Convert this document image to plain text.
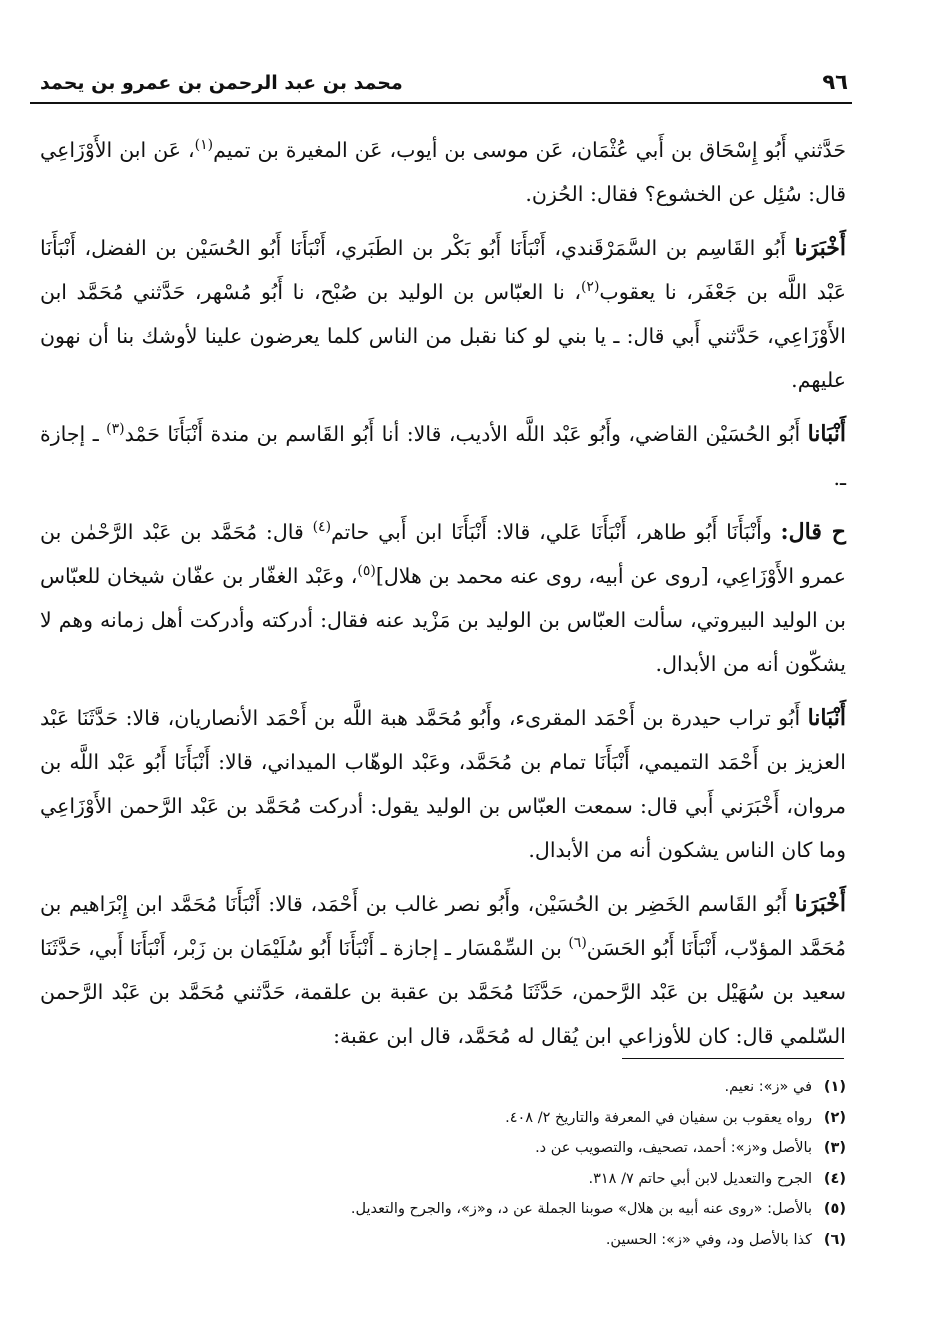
٩٦
محمد بن عبد الرحمن بن عمرو بن يحمد

حَدَّثني أَبُو إِسْحَاق بن أَبي عُثْمَان، عَن موسى بن أيوب، عَن المغيرة بن تميم$^{(١)}$، عَن ابن الأَوْزَاعِي قال: سُئِل عن الخشوع؟ فقال: الحُزن.

أَخْبَرَنا أَبُو القَاسِم بن السَّمَرْقَندي، أَنْبَأَنَا أَبُو بَكْر بن الطَبَري، أَنْبَأَنَا أَبُو الحُسَيْن بن الفضل، أَنْبَأَنَا عَبْد اللَّه بن جَعْفَر، نا يعقوب$^{(٢)}$، نا العبّاس بن الوليد بن صُبْح، نا أَبُو مُسْهر، حَدَّثني مُحَمَّد ابن الأَوْزَاعِي، حَدَّثني أَبي قال: ـ يا بني لو كنا نقبل من الناس كلما يعرضون علينا لأوشك بنا أن نهون عليهم.

أَنْبَانا أَبُو الحُسَيْن القاضي، وأَبُو عَبْد اللَّه الأديب، قالا: أنا أَبُو القَاسم بن مندة أَنْبَأَنَا حَمْد$^{(٣)}$ ـ إجازة ـ.

ح قال: وأَنْبَأَنَا أَبُو طاهر، أَنْبَأَنَا عَلي، قالا: أَنْبَأَنَا ابن أَبي حاتم$^{(٤)}$ قال: مُحَمَّد بن عَبْد الرَّحْمٰن بن عمرو الأَوْزَاعِي، [روى عن أبيه، روى عنه محمد بن هلال]$^{(٥)}$، وعَبْد الغفّار بن عفّان شيخان للعبّاس بن الوليد البيروتي، سألت العبّاس بن الوليد بن مَزْيد عنه فقال: أدركته وأدركت أهل زمانه وهم لا يشكّون أنه من الأبدال.

أَنْبَانا أَبُو تراب حيدرة بن أَحْمَد المقرىء، وأَبُو مُحَمَّد هبة اللَّه بن أَحْمَد الأنصاريان، قالا: حَدَّثَنَا عَبْد العزيز بن أَحْمَد التميمي، أَنْبَأَنَا تمام بن مُحَمَّد، وعَبْد الوهّاب الميداني، قالا: أَنْبَأَنَا أَبُو عَبْد اللَّه بن مروان، أَخْبَرَني أَبي قال: سمعت العبّاس بن الوليد يقول: أدركت مُحَمَّد بن عَبْد الرَّحمن الأَوْزَاعِي وما كان الناس يشكون أنه من الأبدال.

أَخْبَرَنا أَبُو القَاسم الخَضِر بن الحُسَيْن، وأَبُو نصر غالب بن أَحْمَد، قالا: أَنْبَأَنَا مُحَمَّد ابن إِبْرَاهيم بن مُحَمَّد المؤدّب، أَنْبَأَنَا أَبُو الحَسَن$^{(٦)}$ بن السِّمْسَار ـ إجازة ـ أَنْبَأَنَا أَبُو سُلَيْمَان بن زَبْر، أَنْبَأَنَا أَبي، حَدَّثَنَا سعيد بن سُهَيْل بن عَبْد الرَّحمن، حَدَّثَنَا مُحَمَّد بن عقبة بن علقمة، حَدَّثني مُحَمَّد بن عَبْد الرَّحمن السّلمي قال: كان للأوزاعي ابن يُقال له مُحَمَّد، قال ابن عقبة:

(١)
في «ز»: نعيم.
(٢)
رواه يعقوب بن سفيان في المعرفة والتاريخ ٢/ ٤٠٨.
(٣)
بالأصل و«ز»: أحمد، تصحيف، والتصويب عن د.
(٤)
الجرح والتعديل لابن أبي حاتم ٧/ ٣١٨.
(٥)
بالأصل: «روى عنه أبيه بن هلال» صوبنا الجملة عن د، و«ز»، والجرح والتعديل.
(٦)
كذا بالأصل ود، وفي «ز»: الحسين.
